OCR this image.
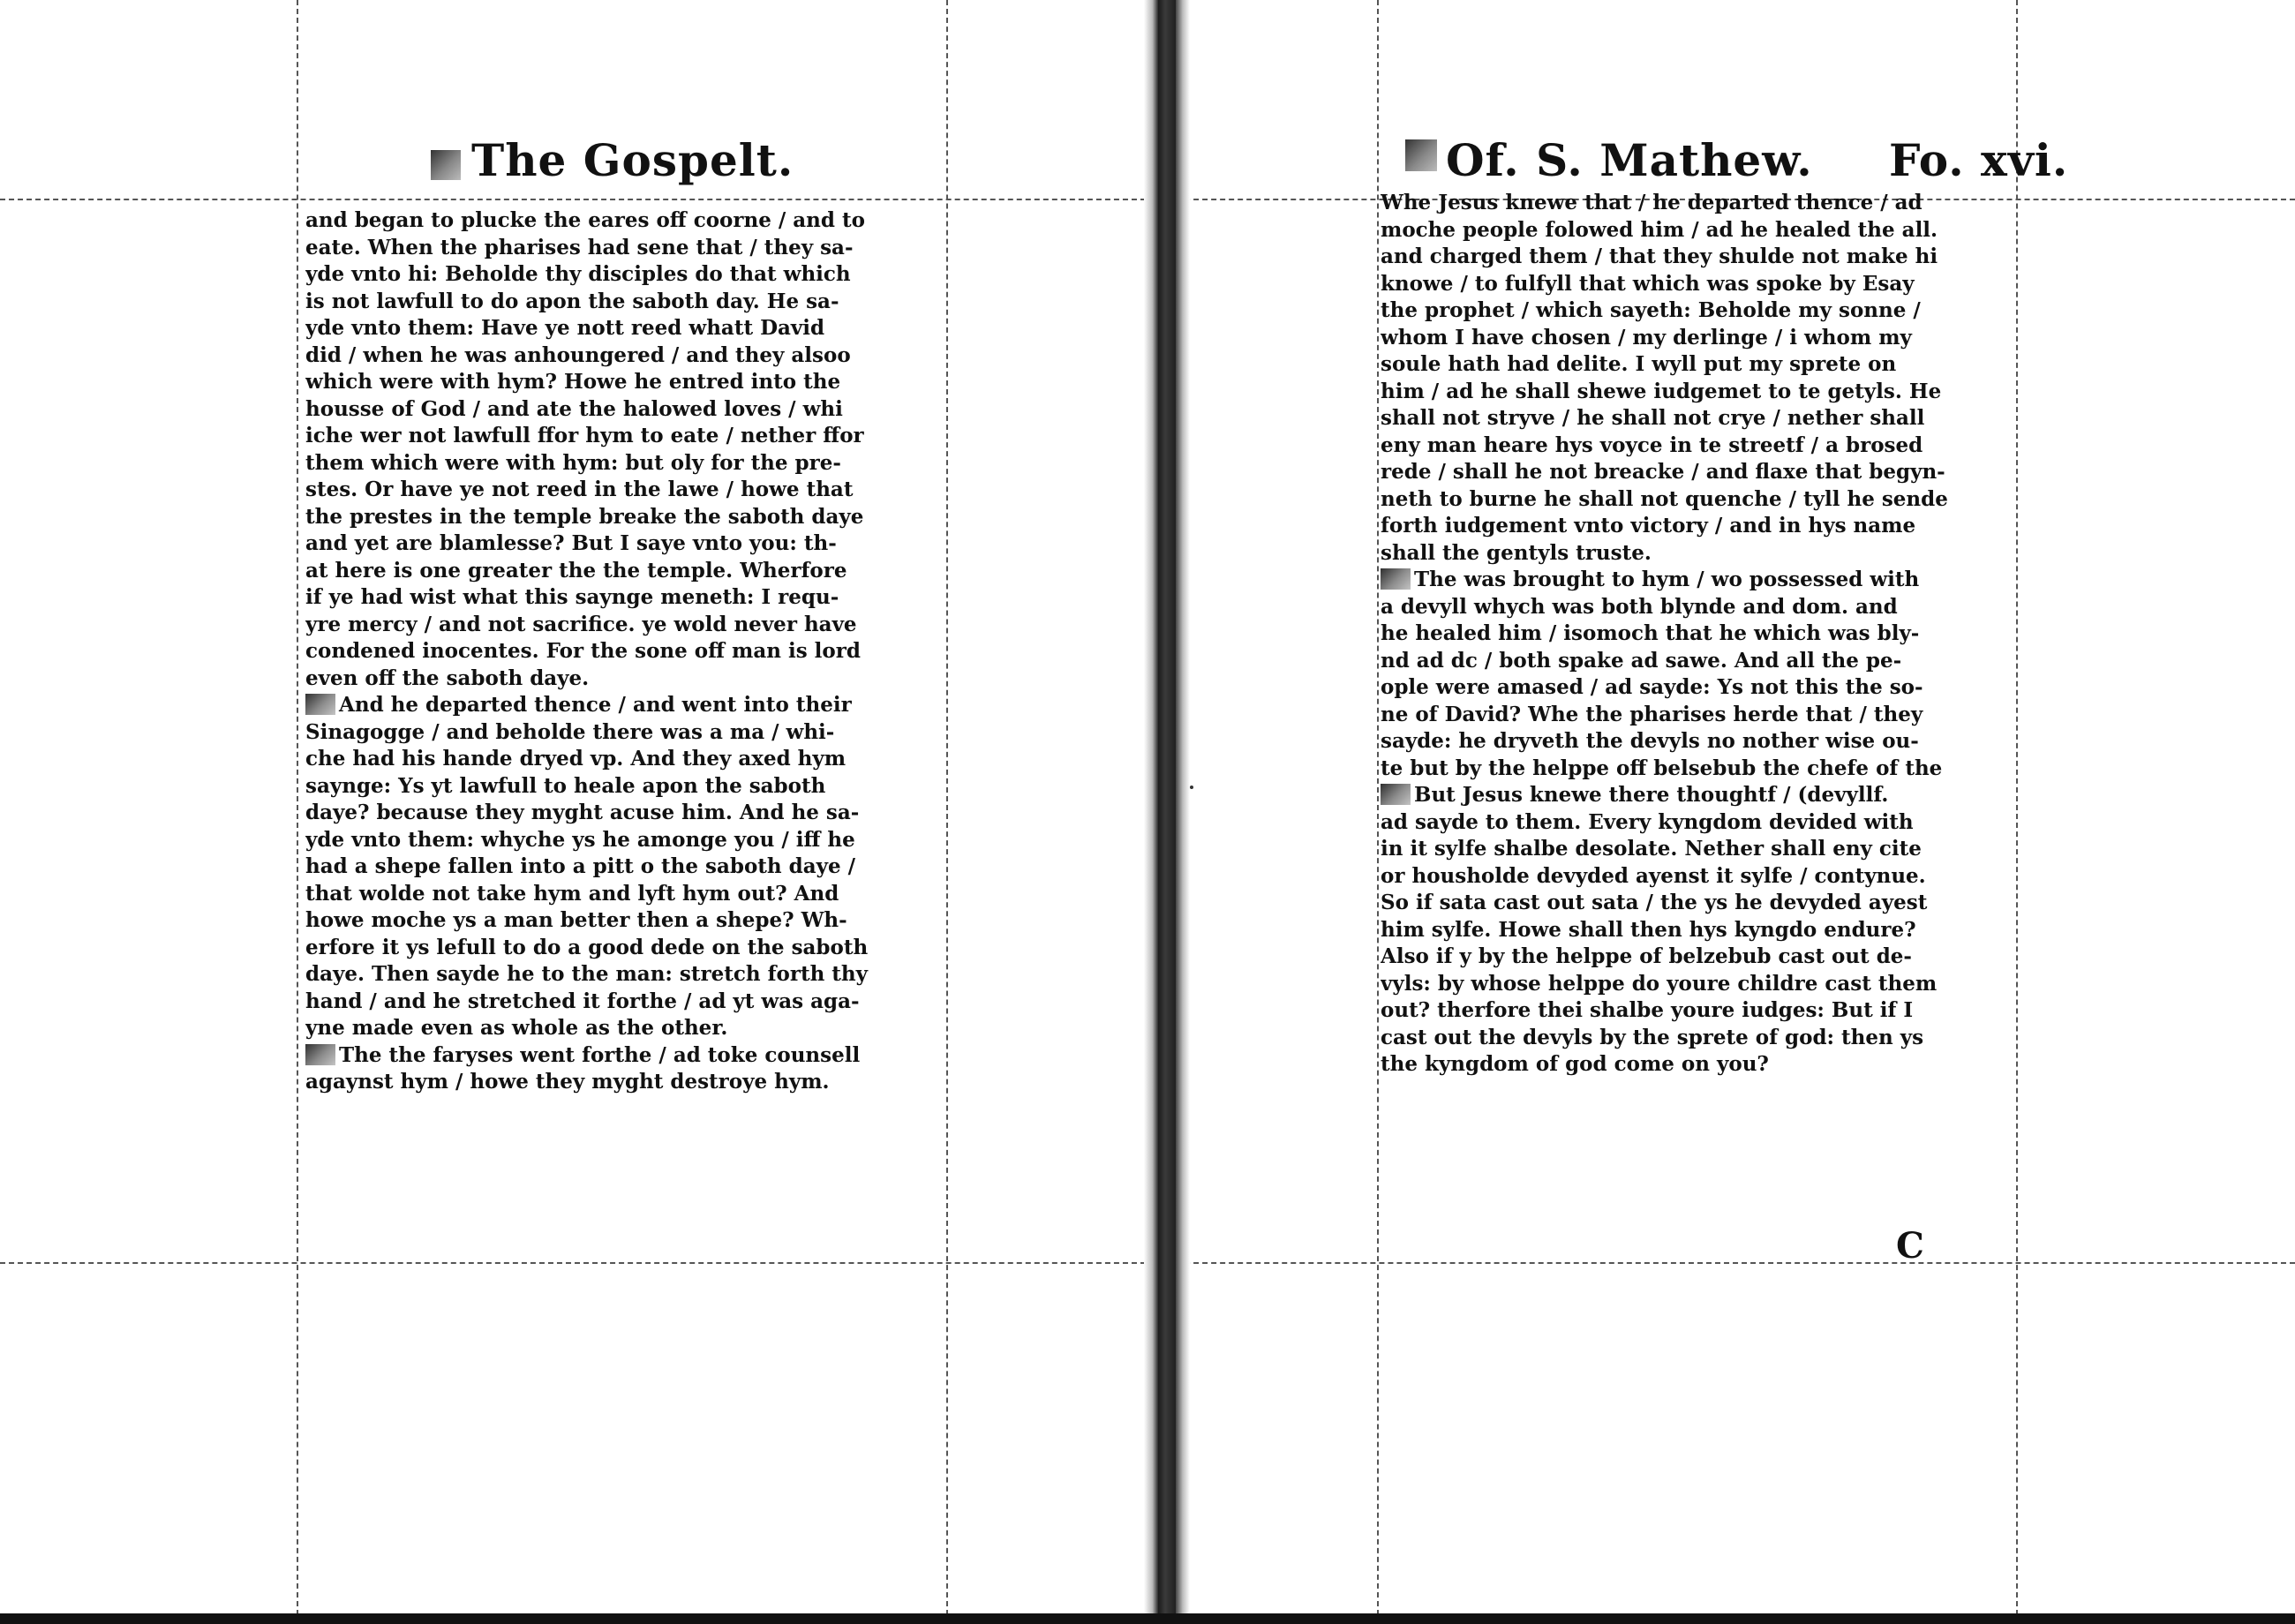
The Gospelt.
and began to plucke the eares off coorne / and to
eate. When the pharises had sene that / they sa-
yde vnto hi: Beholde thy disciples do that which
is not lawfull to do apon the saboth day. He sa-
yde vnto them: Have ye nott reed whatt David
did / when he was anhoungered / and they alsoo
which were with hym? Howe he entred into the
housse of God / and ate the halowed loves / whi
iche wer not lawfull ffor hym to eate / nether ffor
them which were with hym: but oly for the pre-
stes. Or have ye not reed in the lawe / howe that
the prestes in the temple breake the saboth daye
and yet are blamlesse? But I saye vnto you: th-
at here is one greater the the temple. Wherfore
if ye had wist what this saynge meneth: I requ-
yre mercy / and not sacrifice. ye wold never have
condened inocentes. For the sone off man is lord
even off the saboth daye.
And he departed thence / and went into their
Sinagogge / and beholde there was a ma / whi-
che had his hande dryed vp. And they axed hym
saynge: Ys yt lawfull to heale apon the saboth
daye? because they myght acuse him. And he sa-
yde vnto them: whyche ys he amonge you / iff he
had a shepe fallen into a pitt o the saboth daye /
that wolde not take hym and lyft hym out? And
howe moche ys a man better then a shepe? Wh-
erfore it ys lefull to do a good dede on the saboth
daye. Then sayde he to the man: stretch forth thy
hand / and he stretched it forthe / ad yt was aga-
yne made even as whole as the other.
The the faryses went forthe / ad toke counsell
agaynst hym / howe they myght destroye hym.
Of. S. Mathew. Fo. xvi.
Whe Jesus knewe that / he departed thence / ad
moche people folowed him / ad he healed the all.
and charged them / that they shulde not make hi
knowe / to fulfyll that which was spoke by Esay
the prophet / which sayeth: Beholde my sonne /
whom I have chosen / my derlinge / i whom my
soule hath had delite. I wyll put my sprete on
him / ad he shall shewe iudgemet to te getyls. He
shall not stryve / he shall not crye / nether shall
eny man heare hys voyce in te streetf / a brosed
rede / shall he not breacke / and flaxe that begyn-
neth to burne he shall not quenche / tyll he sende
forth iudgement vnto victory / and in hys name
shall the gentyls truste.
The was brought to hym / wo possessed with
a devyll whych was both blynde and dom. and
he healed him / isomoch that he which was bly-
nd ad dc / both spake ad sawe. And all the pe-
ople were amased / ad sayde: Ys not this the so-
ne of David? Whe the pharises herde that / they
sayde: he dryveth the devyls no nother wise ou-
te but by the helppe off belsebub the chefe of the
But Jesus knewe there thoughtf / (devyllf.
ad sayde to them. Every kyngdom devided with
in it sylfe shalbe desolate. Nether shall eny cite
or housholde devyded ayenst it sylfe / contynue.
So if sata cast out sata / the ys he devyded ayest
him sylfe. Howe shall then hys kyngdo endure?
Also if y by the helppe of belzebub cast out de-
vyls: by whose helppe do youre childre cast them
out? therfore thei shalbe youre iudges: But if I
cast out the devyls by the sprete of god: then ys
the kyngdom of god come on you?
C
